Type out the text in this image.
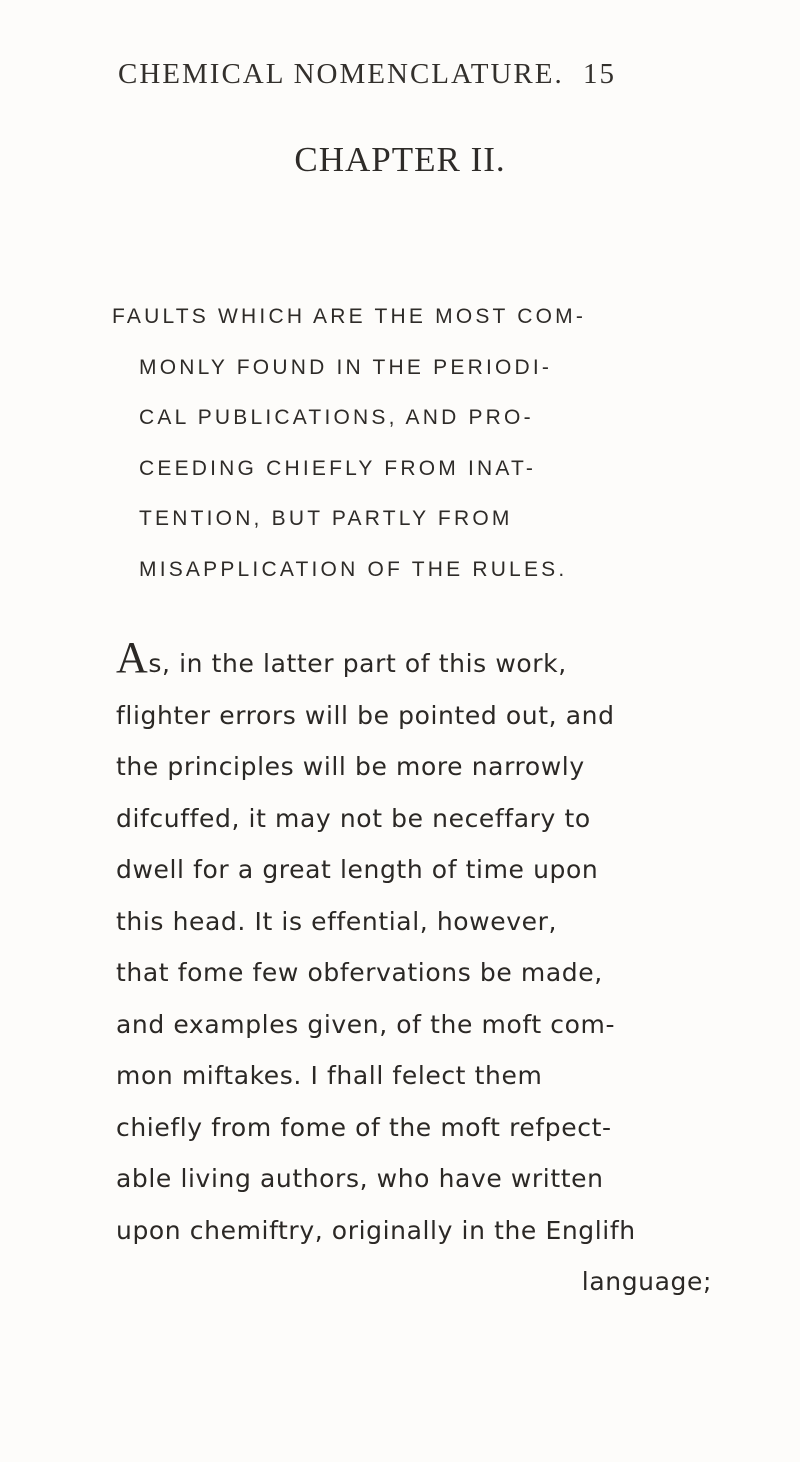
CHEMICAL NOMENCLATURE. 15
CHAPTER II.
FAULTS WHICH ARE THE MOST COM-
MONLY FOUND IN THE PERIODI-
CAL PUBLICATIONS, AND PRO-
CEEDING CHIEFLY FROM INAT-
TENTION, BUT PARTLY FROM
MISAPPLICATION OF THE RULES.
As, in the latter part of this work,
flighter errors will be pointed out, and
the principles will be more narrowly
difcuffed, it may not be neceffary to
dwell for a great length of time upon
this head. It is effential, however,
that fome few obfervations be made,
and examples given, of the moft com-
mon miftakes. I fhall felect them
chiefly from fome of the moft refpect-
able living authors, who have written
upon chemiftry, originally in the Englifh
language;
